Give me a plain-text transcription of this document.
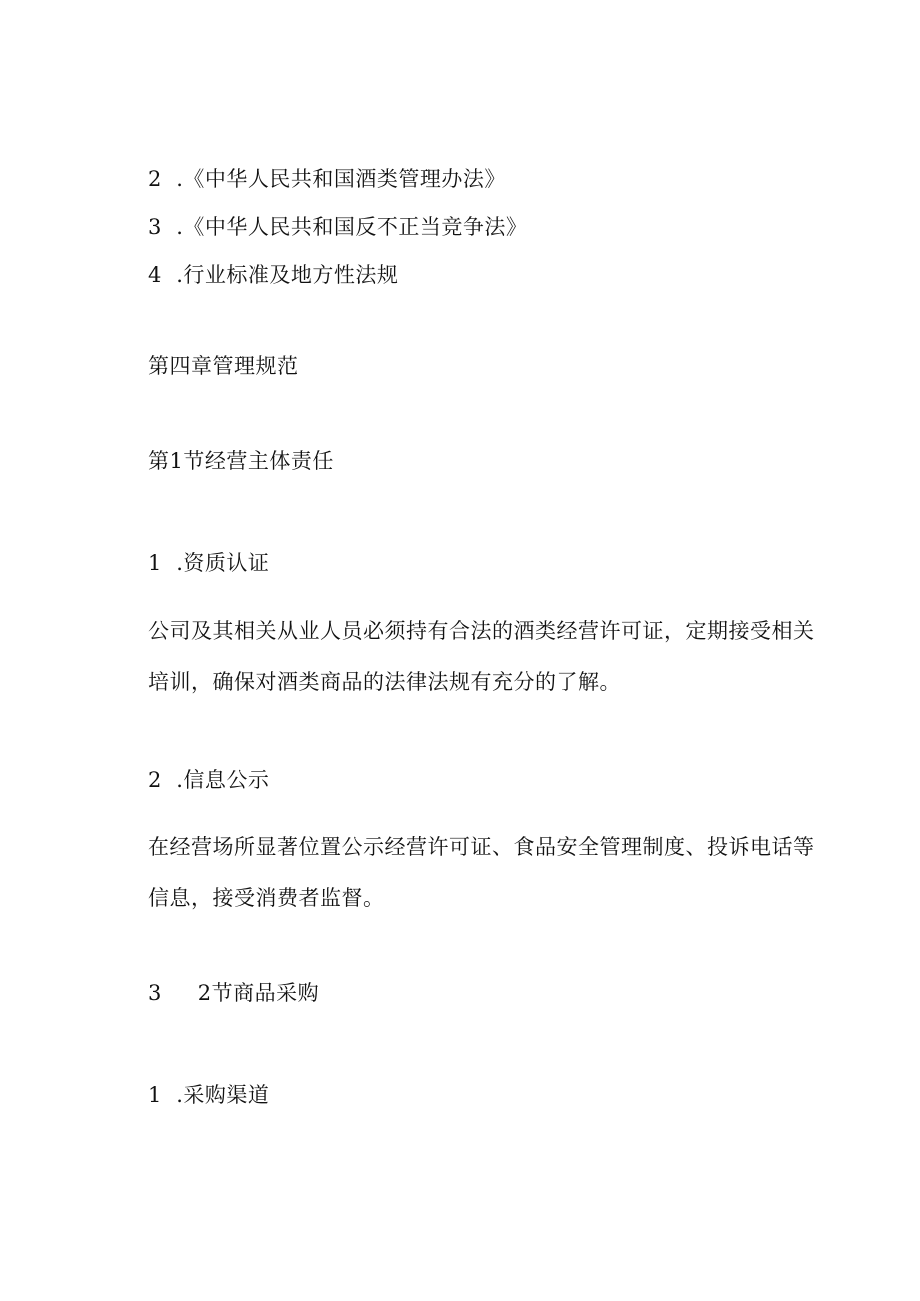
2  .《中华人民共和国酒类管理办法》
3  .《中华人民共和国反不正当竞争法》
4  .行业标准及地方性法规
第四章管理规范
第1节经营主体责任
1  .资质认证
公司及其相关从业人员必须持有合法的酒类经营许可证，定期接受相关
培训，确保对酒类商品的法律法规有充分的了解。
2  .信息公示
在经营场所显著位置公示经营许可证、食品安全管理制度、投诉电话等
信息，接受消费者监督。
3     2节商品采购
1  .采购渠道
